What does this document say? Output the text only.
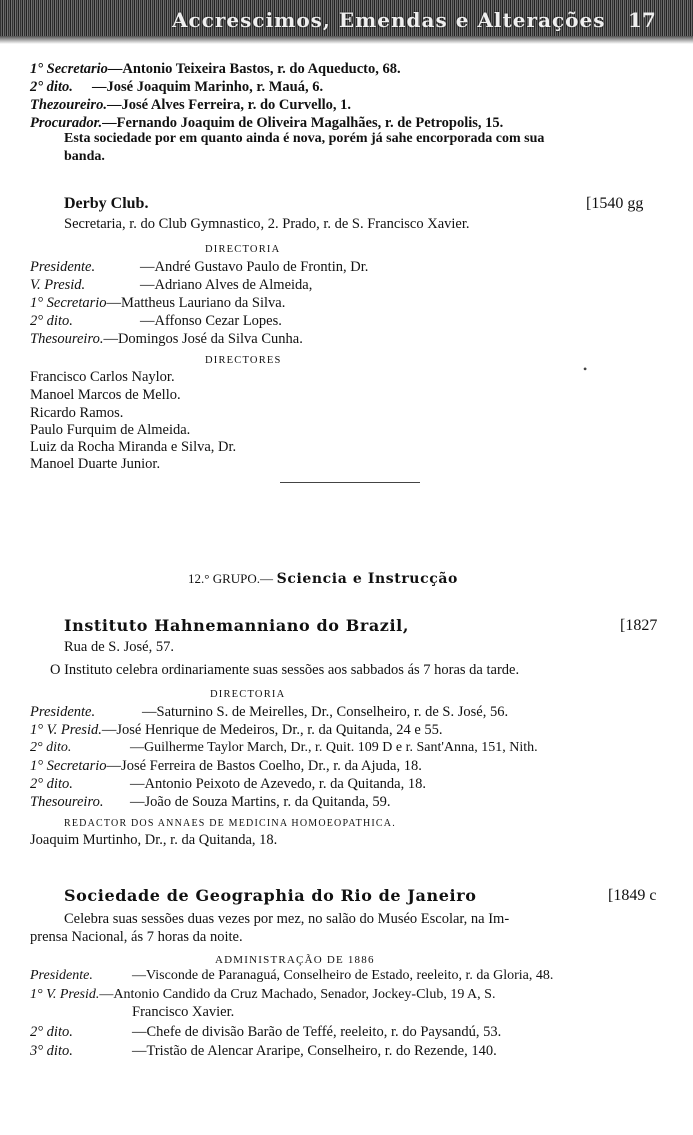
Accrescimos, Emendas e Alterações 17
1° Secretario—Antonio Teixeira Bastos, r. do Aqueducto, 68.
2° dito. —José Joaquim Marinho, r. Mauá, 6.
Thezoureiro.—José Alves Ferreira, r. do Curvello, 1.
Procurador.—Fernando Joaquim de Oliveira Magalhães, r. de Petropolis, 15.
Esta sociedade por em quanto ainda é nova, porém já sahe encorporada com sua
banda.
Derby Club.	[1540 gg
Secretaria, r. do Club Gymnastico, 2. Prado, r. de S. Francisco Xavier.
DIRECTORIA
Presidente.	—André Gustavo Paulo de Frontin, Dr.
V. Presid.	—Adriano Alves de Almeida,
1° Secretario—Mattheus Lauriano da Silva.
2° dito.	—Affonso Cezar Lopes.
Thesoureiro.—Domingos José da Silva Cunha.
DIRECTORES
Francisco Carlos Naylor.
Manoel Marcos de Mello.
Ricardo Ramos.
Paulo Furquim de Almeida.
Luiz da Rocha Miranda e Silva, Dr.
Manoel Duarte Junior.
•
12.° GRUPO.— Sciencia e Instrucção
Instituto Hahnemanniano do Brazil,	[1827
Rua de S. José, 57.
O Instituto celebra ordinariamente suas sessões aos sabbados ás 7 horas da tarde.
DIRECTORIA
Presidente.	—Saturnino S. de Meirelles, Dr., Conselheiro, r. de S. José, 56.
1° V. Presid.—José Henrique de Medeiros, Dr., r. da Quitanda, 24 e 55.
2° dito.	—Guilherme Taylor March, Dr., r. Quit. 109 D e r. Sant'Anna, 151, Nith.
1° Secretario—José Ferreira de Bastos Coelho, Dr., r. da Ajuda, 18.
2° dito.	—Antonio Peixoto de Azevedo, r. da Quitanda, 18.
Thesoureiro. —João de Souza Martins, r. da Quitanda, 59.
REDACTOR DOS ANNAES DE MEDICINA HOMOEOPATHICA.
Joaquim Murtinho, Dr., r. da Quitanda, 18.
Sociedade de Geographia do Rio de Janeiro	[1849 c
Celebra suas sessões duas vezes por mez, no salão do Muséo Escolar, na Im-
prensa Nacional, ás 7 horas da noite.
ADMINISTRAÇÃO DE 1886
Presidente.	—Visconde de Paranaguá, Conselheiro de Estado, reeleito, r. da Gloria, 48.
1° V. Presid.—Antonio Candido da Cruz Machado, Senador, Jockey-Club, 19 A, S.
Francisco Xavier.
2° dito.	—Chefe de divisão Barão de Teffé, reeleito, r. do Paysandú, 53.
3° dito.	—Tristão de Alencar Araripe, Conselheiro, r. do Rezende, 140.
